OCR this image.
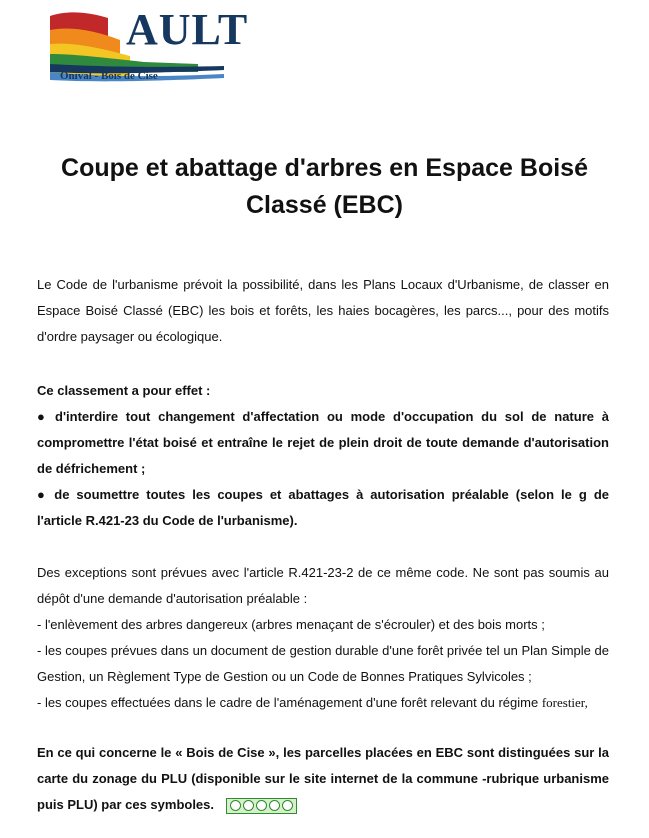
AULT
Onival - Bois de Cise
Coupe et abattage d'arbres en Espace Boisé Classé (EBC)

Le Code de l'urbanisme prévoit la possibilité, dans les Plans Locaux d'Urbanisme, de classer en Espace Boisé Classé (EBC) les bois et forêts, les haies bocagères, les parcs..., pour des motifs d'ordre paysager ou écologique.

Ce classement a pour effet :

● d'interdire tout changement d'affectation ou mode d'occupation du sol de nature à compromettre l'état boisé et entraîne le rejet de plein droit de toute demande d'autorisation de défrichement ;

● de soumettre toutes les coupes et abattages à autorisation préalable (selon le g de l'article R.421-23 du Code de l'urbanisme).

Des exceptions sont prévues avec l'article R.421-23-2 de ce même code. Ne sont pas soumis au dépôt d'une demande d'autorisation préalable :

- l'enlèvement des arbres dangereux (arbres menaçant de s'écrouler) et des bois morts ;

- les coupes prévues dans un document de gestion durable d'une forêt privée tel un Plan Simple de Gestion, un Règlement Type de Gestion ou un Code de Bonnes Pratiques Sylvicoles ;

- les coupes effectuées dans le cadre de l'aménagement d'une forêt relevant du régime forestier,

En ce qui concerne le « Bois de Cise », les parcelles placées en EBC sont distinguées sur la carte du zonage du PLU (disponible sur le site internet de la commune -rubrique urbanisme puis PLU) par ces symboles.
